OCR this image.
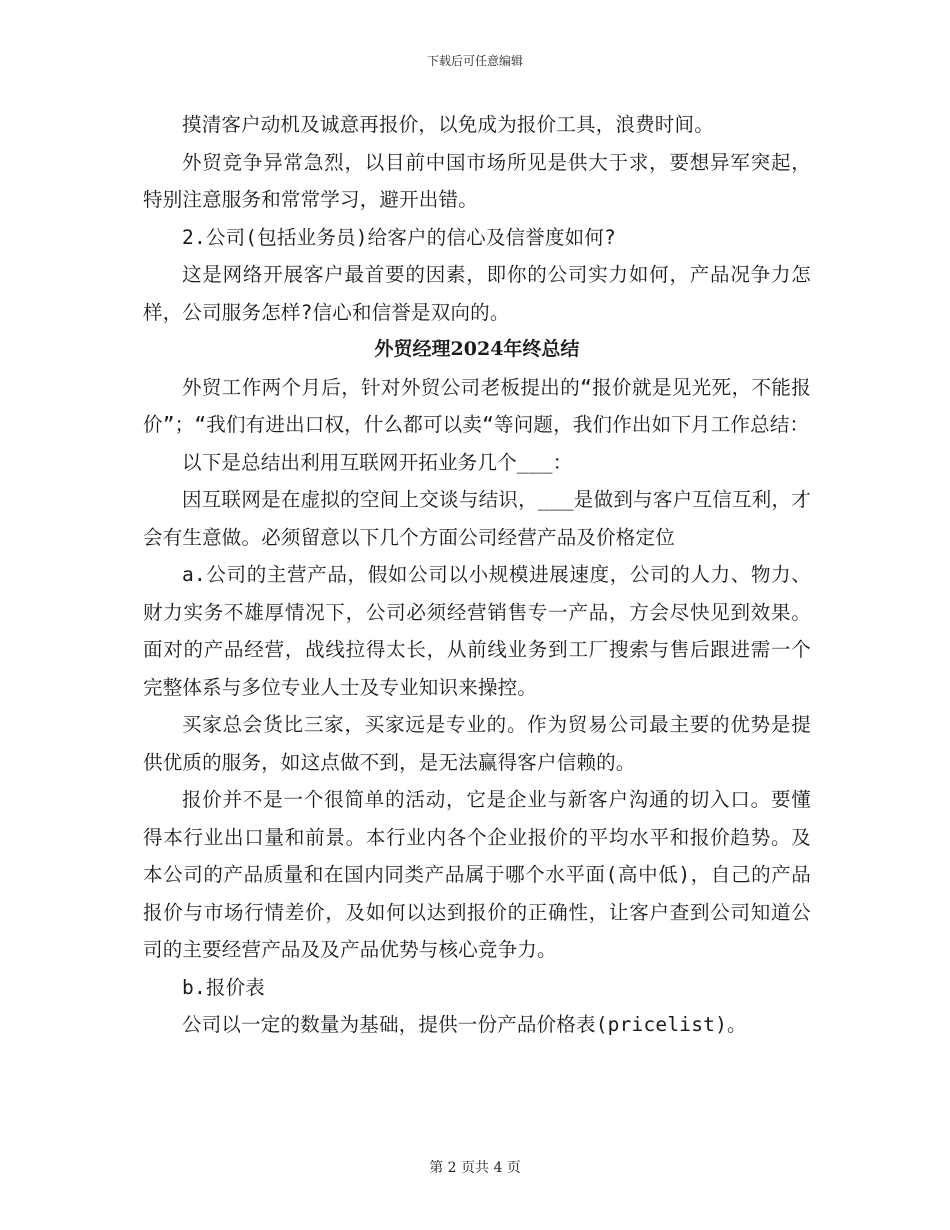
下载后可任意编辑

摸清客户动机及诚意再报价，以免成为报价工具，浪费时间。

外贸竞争异常急烈，以目前中国市场所见是供大于求，要想异军突起，特别注意服务和常常学习，避开出错。

2.公司(包括业务员)给客户的信心及信誉度如何?

这是网络开展客户最首要的因素，即你的公司实力如何，产品况争力怎样，公司服务怎样?信心和信誉是双向的。

外贸经理2024年终总结

外贸工作两个月后，针对外贸公司老板提出的“报价就是见光死，不能报价”；“我们有进出口权，什么都可以卖“等问题，我们作出如下月工作总结：

以下是总结出利用互联网开拓业务几个___：

因互联网是在虚拟的空间上交谈与结识，___是做到与客户互信互利，才会有生意做。必须留意以下几个方面公司经营产品及价格定位

a.公司的主营产品，假如公司以小规模进展速度，公司的人力、物力、财力实务不雄厚情况下，公司必须经营销售专一产品，方会尽快见到效果。面对的产品经营，战线拉得太长，从前线业务到工厂搜索与售后跟进需一个完整体系与多位专业人士及专业知识来操控。

买家总会货比三家，买家远是专业的。作为贸易公司最主要的优势是提供优质的服务，如这点做不到，是无法赢得客户信赖的。

报价并不是一个很简单的活动，它是企业与新客户沟通的切入口。要懂得本行业出口量和前景。本行业内各个企业报价的平均水平和报价趋势。及本公司的产品质量和在国内同类产品属于哪个水平面(高中低)，自己的产品报价与市场行情差价，及如何以达到报价的正确性，让客户查到公司知道公司的主要经营产品及及产品优势与核心竞争力。

b.报价表

公司以一定的数量为基础，提供一份产品价格表(pricelist)。

第 2 页共 4 页
